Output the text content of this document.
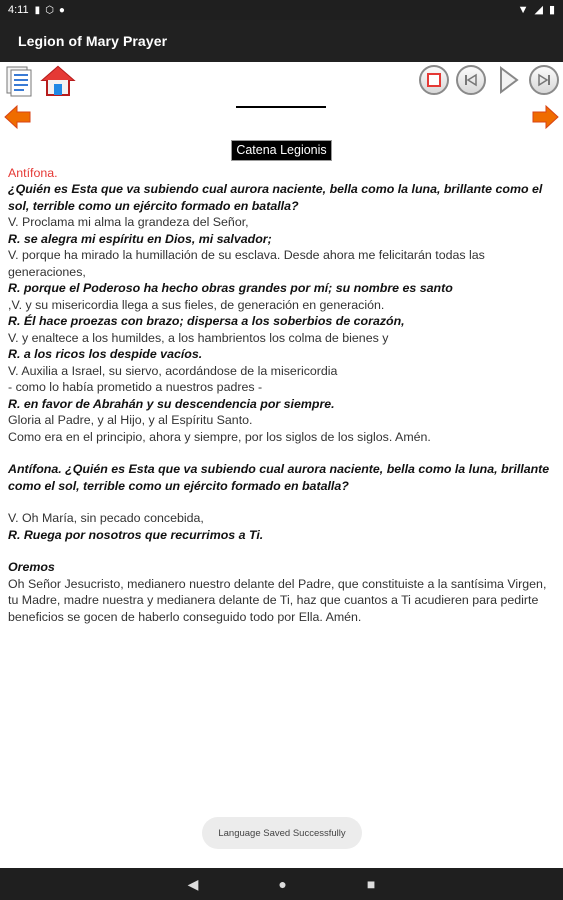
4:11 ▮ ⬡ ●	▼ ◢ ▮
Legion of Mary Prayer
Catena Legionis
Antífona.
¿Quién es Esta que va subiendo cual aurora naciente, bella como la luna, brillante como el sol, terrible como un ejército formado en batalla?
V. Proclama mi alma la grandeza del Señor,
R. se alegra mi espíritu en Dios, mi salvador;
V. porque ha mirado la humillación de su esclava. Desde ahora me felicitarán todas las generaciones,
R. porque el Poderoso ha hecho obras grandes por mí; su nombre es santo
,V. y su misericordia llega a sus fieles, de generación en generación.
R. Él hace proezas con brazo; dispersa a los soberbios de corazón,
V. y enaltece a los humildes, a los hambrientos los colma de bienes y
R. a los ricos los despide vacíos.
V. Auxilia a Israel, su siervo, acordándose de la misericordia
- como lo había prometido a nuestros padres -
R. en favor de Abrahán y su descendencia por siempre.
Gloria al Padre, y al Hijo, y al Espíritu Santo.
Como era en el principio, ahora y siempre, por los siglos de los siglos. Amén.
Antífona. ¿Quién es Esta que va subiendo cual aurora naciente, bella como la luna, brillante como el sol, terrible como un ejército formado en batalla?
V. Oh María, sin pecado concebida,
R. Ruega por nosotros que recurrimos a Ti.
Oremos
Oh Señor Jesucristo, medianero nuestro delante del Padre, que constituiste a la santísima Virgen, tu Madre, madre nuestra y medianera delante de Ti, haz que cuantos a Ti acudieren para pedirte beneficios se gocen de haberlo conseguido todo por Ella. Amén.
Language Saved Successfully
◀	●	■
